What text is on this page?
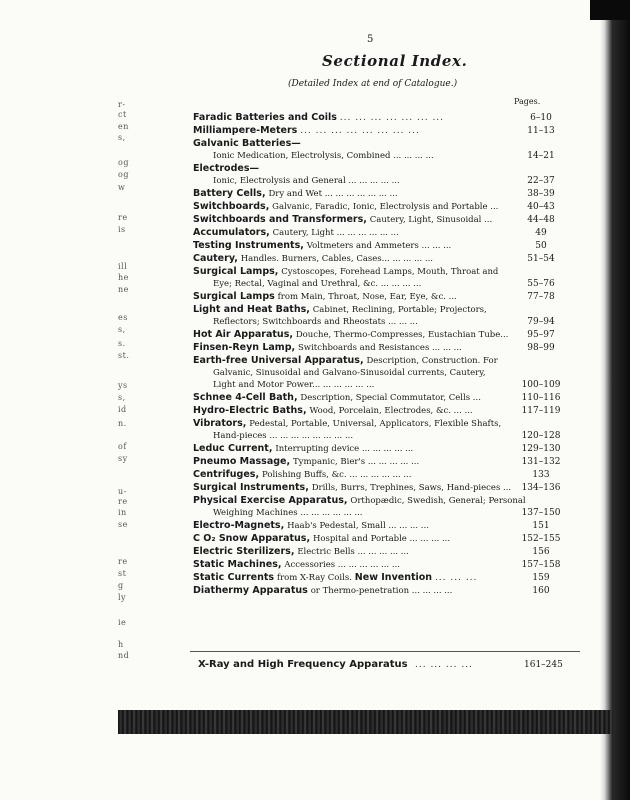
r-
ct
en
s,
og
og
w
re
is
ill
he
ne
es
s,
s.
st.
ys
s,
id
n.
of
sy
u-
re
in
se
re
st
g
ly
ie
h
nd
5
Sectional Index.
(Detailed Index at end of Catalogue.)
Pages.
Faradic Batteries and Coils ... ... ... ... ... ... ...	6–10
Milliampere-Meters ... ... ... ... ... ... ... ...	11–13
Galvanic Batteries—
Ionic Medication, Electrolysis, Combined ... ... ... ...	14–21
Electrodes—
Ionic, Electrolysis and General ... ... ... ... ...	22–37
Battery Cells, Dry and Wet ... ... ... ... ... ... ...	38–39
Switchboards, Galvanic, Faradic, Ionic, Electrolysis and Portable ...	40–43
Switchboards and Transformers, Cautery, Light, Sinusoidal ...	44–48
Accumulators, Cautery, Light ... ... ... ... ... ...	49
Testing Instruments, Voltmeters and Ammeters ... ... ...	50
Cautery, Handles. Burners, Cables, Cases... ... ... ... ...	51–54
Surgical Lamps, Cystoscopes, Forehead Lamps, Mouth, Throat and
Eye; Rectal, Vaginal and Urethral, &c. ... ... ... ...	55–76
Surgical Lamps from Main, Throat, Nose, Ear, Eye, &c. ...	77–78
Light and Heat Baths, Cabinet, Reclining, Portable; Projectors,
Reflectors; Switchboards and Rheostats ... ... ...	79–94
Hot Air Apparatus, Douche, Thermo-Compresses, Eustachian Tube...	95–97
Finsen-Reyn Lamp, Switchboards and Resistances ... ... ...	98–99
Earth-free Universal Apparatus, Description, Construction. For
Galvanic, Sinusoidal and Galvano-Sinusoidal currents, Cautery,
Light and Motor Power... ... ... ... ... ...	100–109
Schnee 4-Cell Bath, Description, Special Commutator, Cells ...	110–116
Hydro-Electric Baths, Wood, Porcelain, Electrodes, &c. ... ...	117–119
Vibrators, Pedestal, Portable, Universal, Applicators, Flexible Shafts,
Hand-pieces ... ... ... ... ... ... ... ...	120–128
Leduc Current, Interrupting device ... ... ... ... ...	129–130
Pneumo Massage, Tympanic, Bier's ... ... ... ... ...	131–132
Centrifuges, Polishing Buffs, &c. ... ... ... ... ... ...	133
Surgical Instruments, Drills, Burrs, Trephines, Saws, Hand-pieces ...	134–136
Physical Exercise Apparatus, Orthopædic, Swedish, General; Personal
Weighing Machines ... ... ... ... ... ...	137–150
Electro-Magnets, Haab's Pedestal, Small ... ... ... ...	151
C O₂ Snow Apparatus, Hospital and Portable ... ... ... ...	152–155
Electric Sterilizers, Electric Bells ... ... ... ... ...	156
Static Machines, Accessories ... ... ... ... ... ...	157–158
Static Currents from X-Ray Coils. New Invention ... ... ...	159
Diathermy Apparatus or Thermo-penetration ... ... ... ...	160
X-Ray and High Frequency Apparatus ... ... ... ...	161–245
